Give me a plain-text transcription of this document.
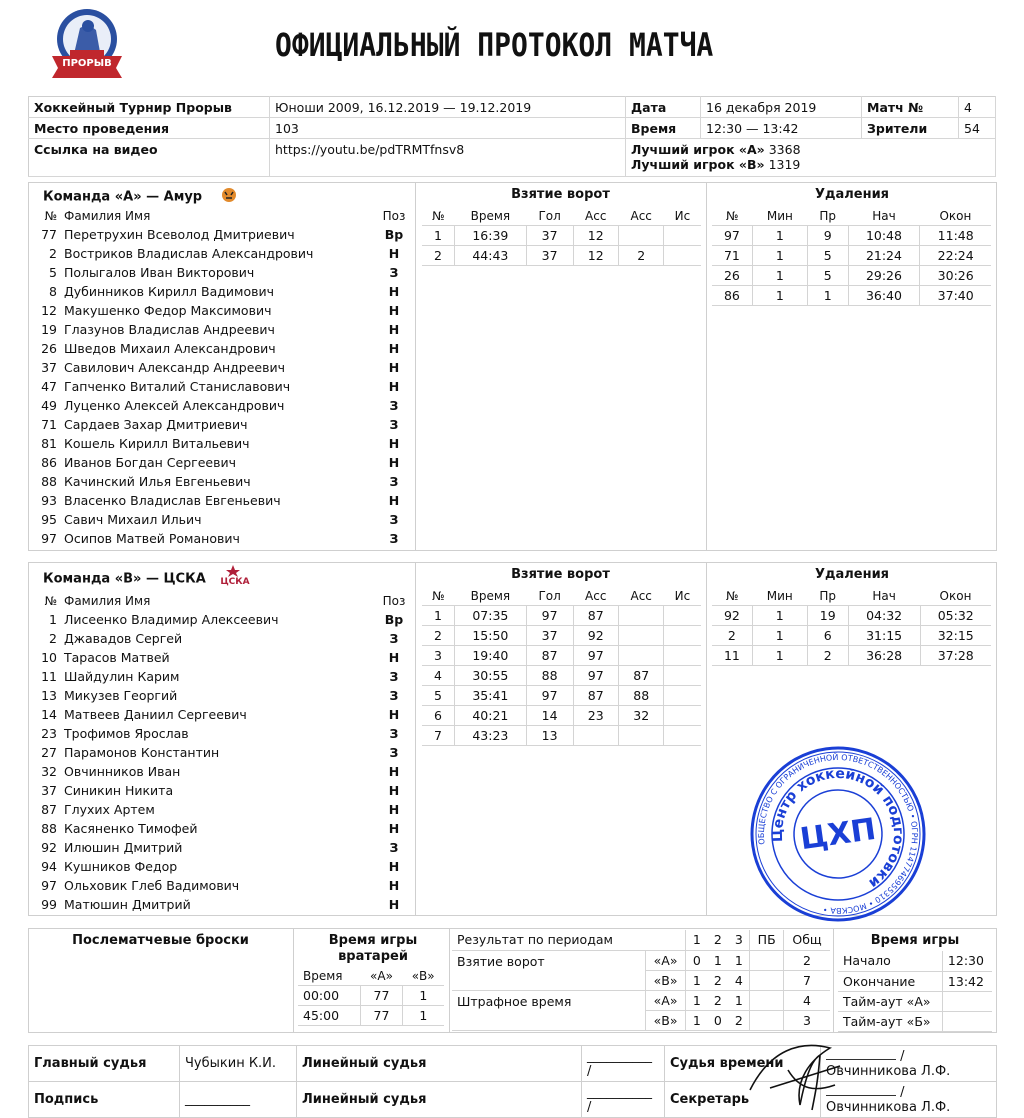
ПРОРЫВ	ОФИЦИАЛЬНЫЙ ПРОТОКОЛ МАТЧА
Хоккейный Турнир Прорыв	Юноши 2009, 16.12.2019 — 19.12.2019	Дата	16 декабря 2019	Матч №	4
Место проведения	103	Время	12:30 — 13:42	Зрители	54
Ссылка на видео	https://youtu.be/pdTRMTfnsv8	Лучший игрок «А» 3368
Лучший игрок «В» 1319			
Команда «А» — Амур
№	Фамилия Имя	Поз
77	Перетрухин Всеволод Дмитриевич	Вр
2	Востриков Владислав Александрович	Н
5	Полыгалов Иван Викторович	З
8	Дубинников Кирилл Вадимович	Н
12	Макушенко Федор Максимович	Н
19	Глазунов Владислав Андреевич	Н
26	Шведов Михаил Александрович	Н
37	Савилович Александр Андреевич	Н
47	Гапченко Виталий Станиславович	Н
49	Луценко Алексей Александрович	З
71	Сардаев Захар Дмитриевич	З
81	Кошель Кирилл Витальевич	Н
86	Иванов Богдан Сергеевич	Н
88	Качинский Илья Евгеньевич	З
93	Власенко Владислав Евгеньевич	Н
95	Савич Михаил Ильич	З
97	Осипов Матвей Романович	З
Взятие ворот
№	Время	Гол	Асс	Асс	Ис
1	16:39	37	12		
2	44:43	37	12	2	
Удаления
№	Мин	Пр	Нач	Окон
97	1	9	10:48	11:48
71	1	5	21:24	22:24
26	1	5	29:26	30:26
86	1	1	36:40	37:40
Команда «В» — ЦСКА ЦСКА
№	Фамилия Имя	Поз
1	Лисеенко Владимир Алексеевич	Вр
2	Джавадов Сергей	З
10	Тарасов Матвей	Н
11	Шайдулин Карим	З
13	Микузев Георгий	З
14	Матвеев Даниил Сергеевич	Н
23	Трофимов Ярослав	З
27	Парамонов Константин	З
32	Овчинников Иван	Н
37	Синикин Никита	Н
87	Глухих Артем	Н
88	Касяненко Тимофей	Н
92	Илюшин Дмитрий	З
94	Кушников Федор	Н
97	Ольховик Глеб Вадимович	Н
99	Матюшин Дмитрий	Н
Взятие ворот
№	Время	Гол	Асс	Асс	Ис
1	07:35	97	87		
2	15:50	37	92		
3	19:40	87	97		
4	30:55	88	97	87	
5	35:41	97	87	88	
6	40:21	14	23	32	
7	43:23	13			
Удаления
№	Мин	Пр	Нач	Окон
92	1	19	04:32	05:32
2	1	6	31:15	32:15
11	1	2	36:28	37:28
ОБЩЕСТВО С ОГРАНИЧЕННОЙ ОТВЕТСТВЕННОСТЬЮ • ОГРН 1147746955310 • МОСКВА •
Центр хоккейной подготовки
ЦХП
Послематчевые броски	Время игры вратарей
Время	«А»	«В»
00:00	77	1
45:00	77	1
Результат по периодам		1	2	3	ПБ	Общ
Взятие ворот	«А»	0	1	1		2
	«В»	1	2	4		7
Штрафное время	«А»	1	2	1		4
	«В»	1	0	2		3
Время игры
Начало	12:30
Окончание	13:42
Тайм-аут «А»	
Тайм-аут «Б»	
Главный судья	Чубыкин К.И.	Линейный судья	__________ /	Судья времени	/ Овчинникова Л.Ф.
Подпись	__________	Линейный судья	__________ /	Секретарь	/ Овчинникова Л.Ф.
